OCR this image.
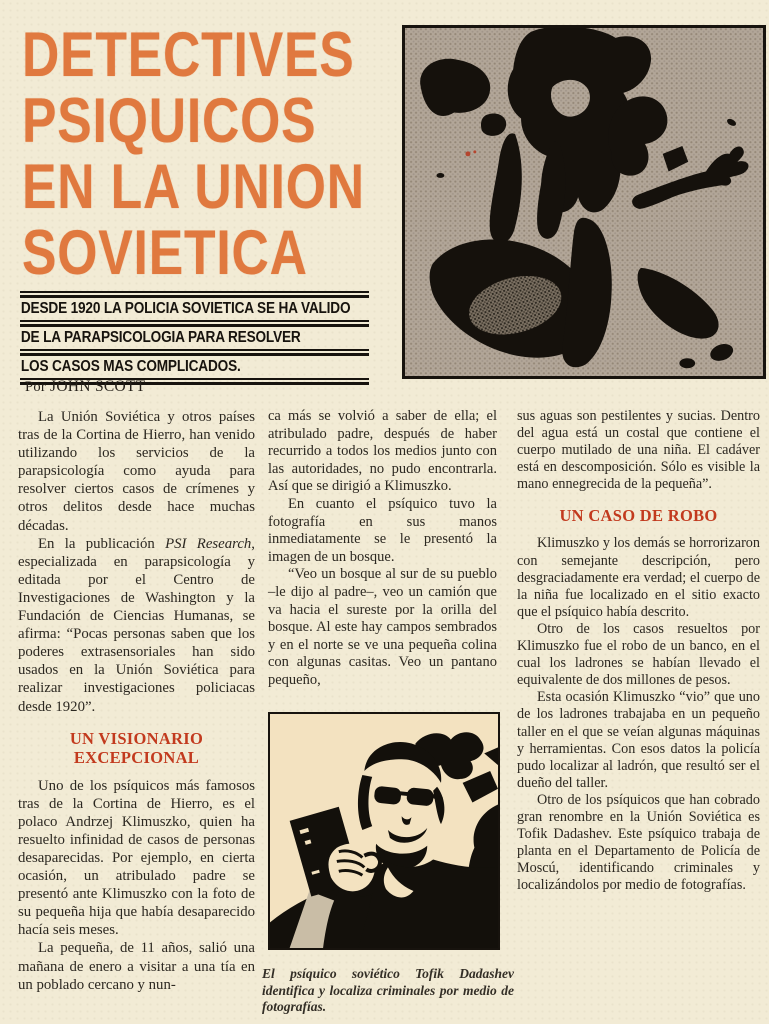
DETECTIVES
PSIQUICOS
EN LA UNION
SOVIETICA
DESDE 1920 LA POLICIA SOVIETICA SE HA VALIDO
DE LA PARAPSICOLOGIA PARA RESOLVER
LOS CASOS MAS COMPLICADOS.
Por JOHN SCOTT

La Unión Soviética y otros países tras de la Cortina de Hierro, han venido utilizando los servicios de la parapsicología como ayuda para resolver ciertos casos de crímenes y otros delitos desde hace muchas décadas.

En la publicación PSI Research, especializada en parapsicología y editada por el Centro de Investigaciones de Washington y la Fundación de Ciencias Humanas, se afirma: “Pocas personas saben que los poderes extrasensoriales han sido usados en la Unión Soviética para realizar investigaciones policiacas desde 1920”.

UN VISIONARIO EXCEPCIONAL

Uno de los psíquicos más famosos tras de la Cortina de Hierro, es el polaco Andrzej Klimuszko, quien ha resuelto infinidad de casos de personas desaparecidas. Por ejemplo, en cierta ocasión, un atribulado padre se presentó ante Klimuszko con la foto de su pequeña hija que había desaparecido hacía seis meses.

La pequeña, de 11 años, salió una mañana de enero a visitar a una tía en un poblado cercano y nun-

ca más se volvió a saber de ella; el atribulado padre, después de haber recurrido a todos los medios junto con las autoridades, no pudo encontrarla. Así que se dirigió a Klimuszko.

En cuanto el psíquico tuvo la fotografía en sus manos inmediatamente se le presentó la imagen de un bosque.

“Veo un bosque al sur de su pueblo –le dijo al padre–, veo un camión que va hacia el sureste por la orilla del bosque. Al este hay campos sembrados y en el norte se ve una pequeña colina con algunas casitas. Veo un pantano pequeño,

El psíquico soviético Tofik Dadashev identifica y localiza criminales por medio de fotografías.

sus aguas son pestilentes y sucias. Dentro del agua está un costal que contiene el cuerpo mutilado de una niña. El cadáver está en descomposición. Sólo es visible la mano ennegrecida de la pequeña”.

UN CASO DE ROBO

Klimuszko y los demás se horrorizaron con semejante descripción, pero desgraciadamente era verdad; el cuerpo de la niña fue localizado en el sitio exacto que el psíquico había descrito.

Otro de los casos resueltos por Klimuszko fue el robo de un banco, en el cual los ladrones se habían llevado el equivalente de dos millones de pesos.

Esta ocasión Klimuszko “vio” que uno de los ladrones trabajaba en un pequeño taller en el que se veían algunas máquinas y herramientas. Con esos datos la policía pudo localizar al ladrón, que resultó ser el dueño del taller.

Otro de los psíquicos que han cobrado gran renombre en la Unión Soviética es Tofik Dadashev. Este psíquico trabaja de planta en el Departamento de Policía de Moscú, identificando criminales y localizándolos por medio de fotografías.
